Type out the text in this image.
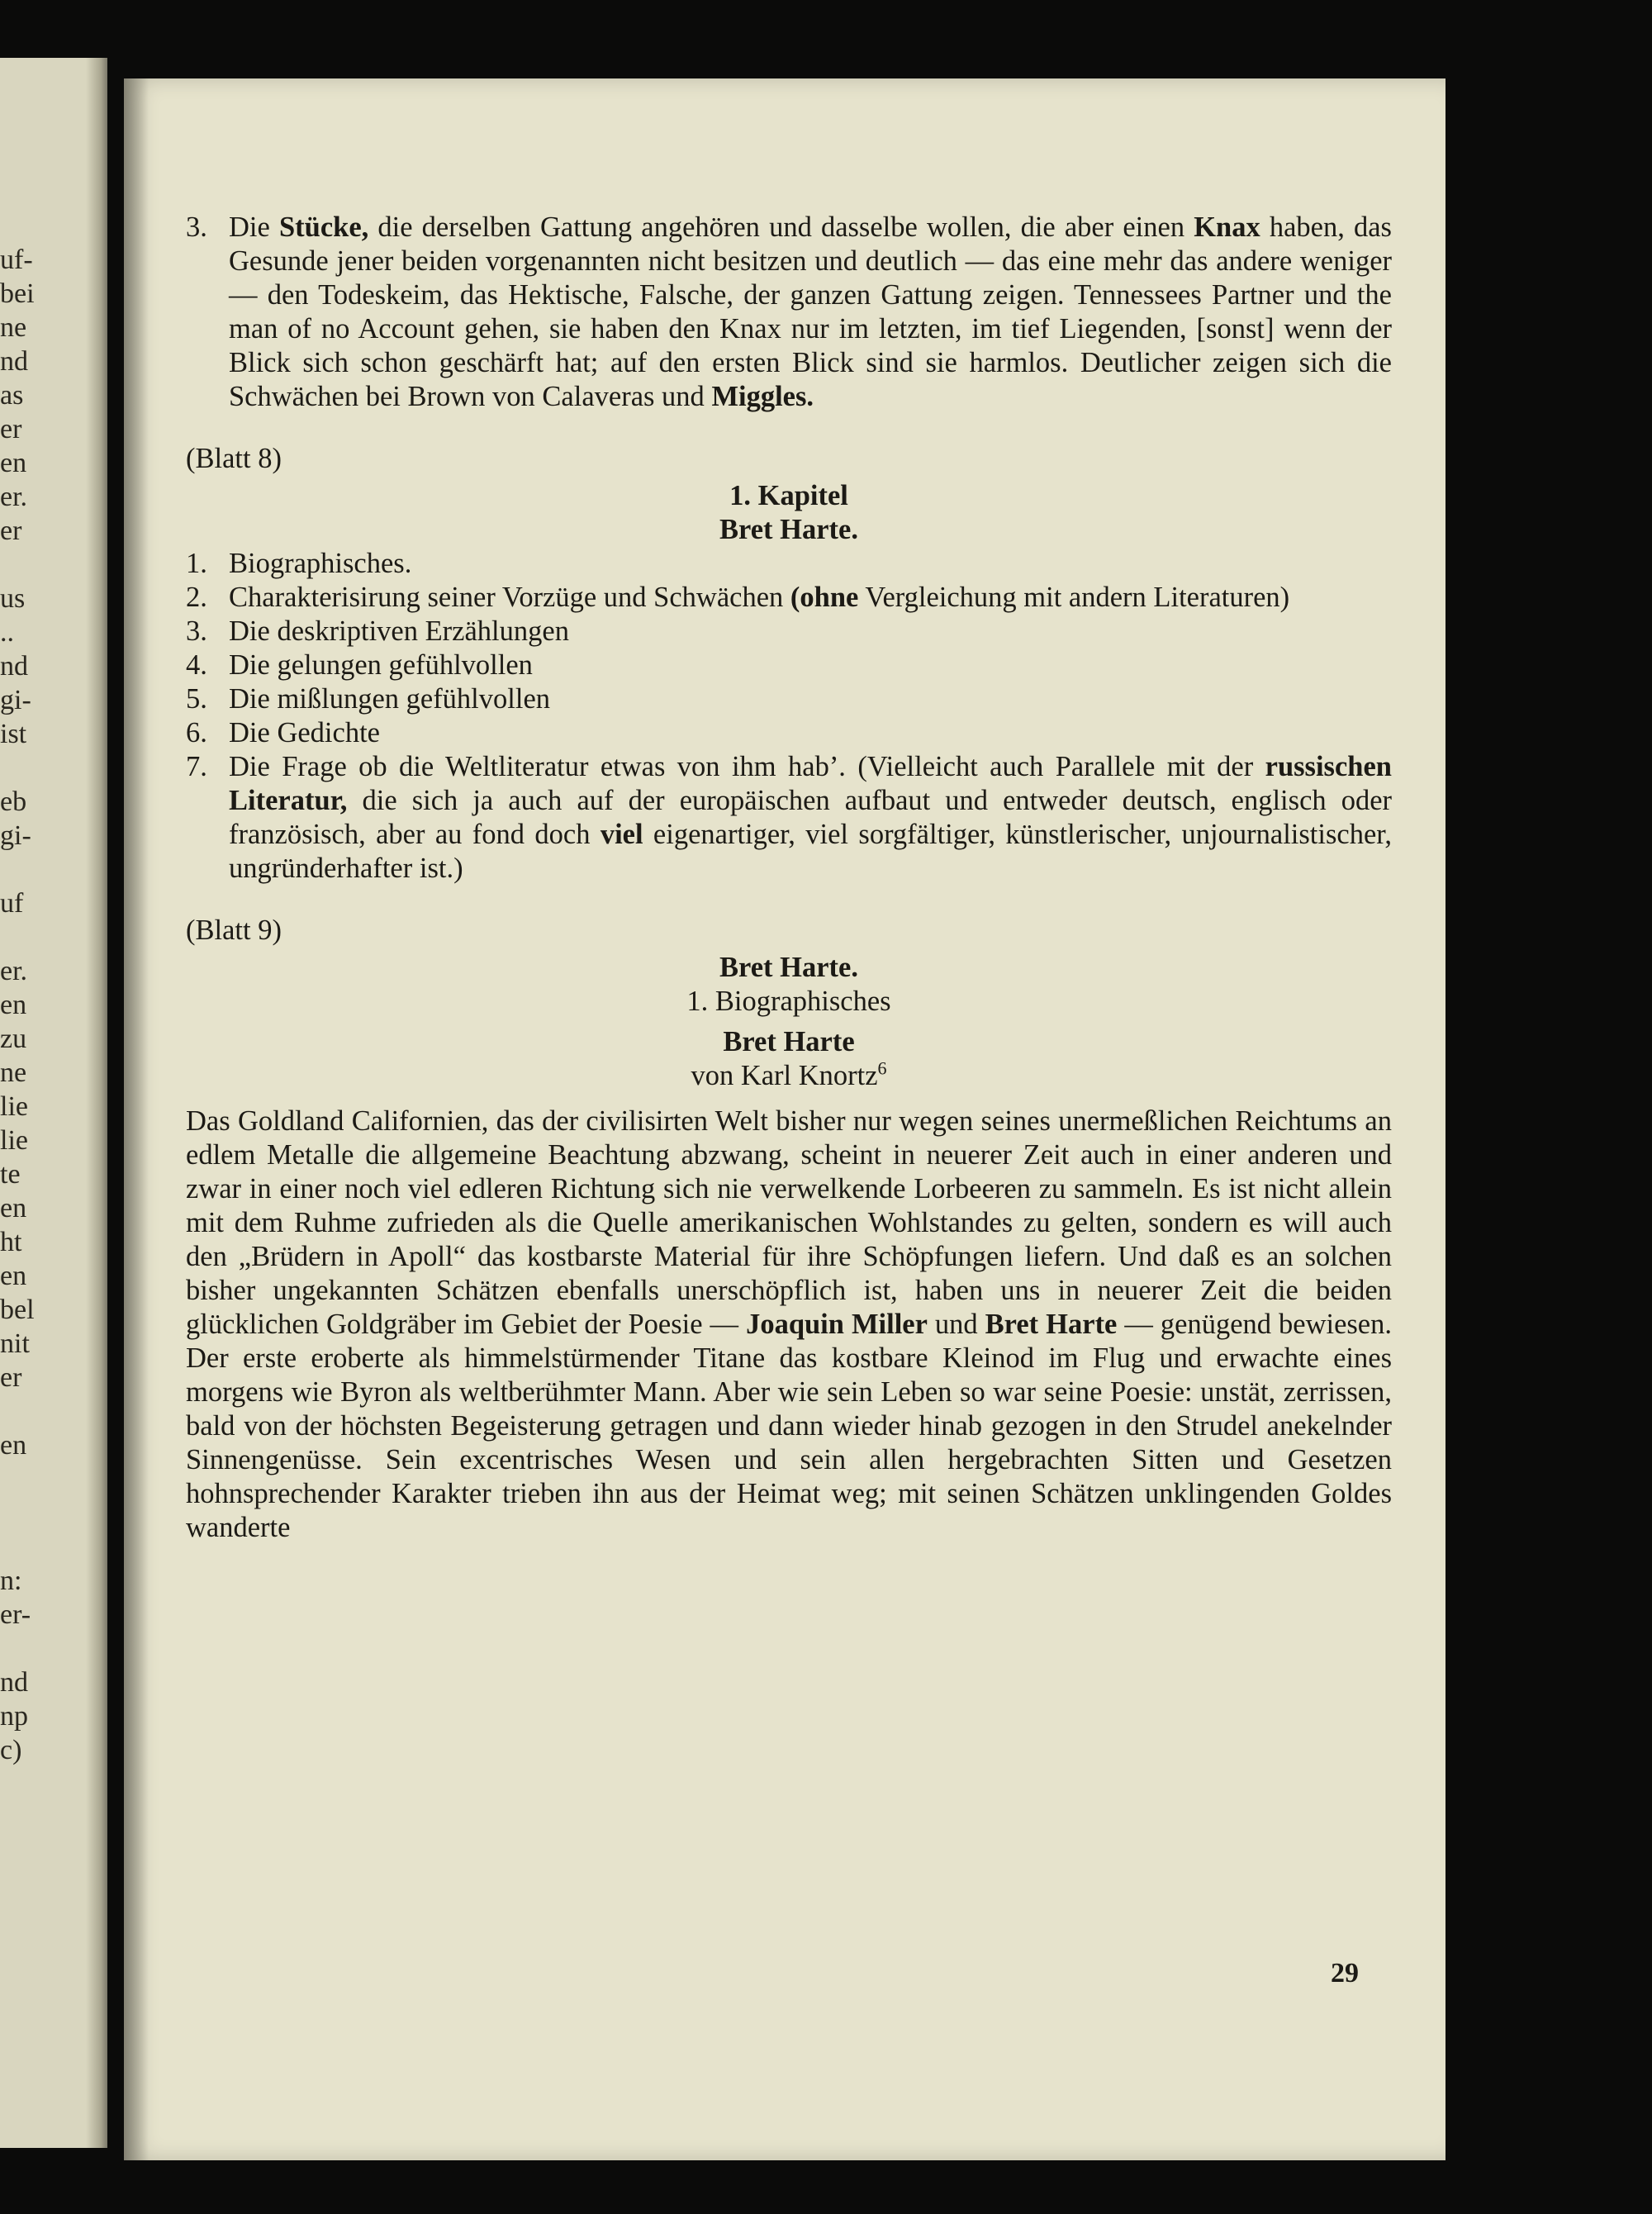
uf-
bei
ne
nd
as
er
en
er.
er
us
..
nd
gi-
ist
eb
gi-
uf
er.
en
zu
ne
lie
lie
te
en
ht
en
bel
nit
er
en
n:
er-
nd
np
c)
3. Die Stücke, die derselben Gattung angehören und dasselbe wollen, die aber einen Knax haben, das Gesunde jener beiden vorgenannten nicht besitzen und deutlich — das eine mehr das andere weniger — den Todeskeim, das Hektische, Falsche, der ganzen Gattung zeigen. Tennessees Partner und the man of no Account gehen, sie haben den Knax nur im letzten, im tief Liegenden, [sonst] wenn der Blick sich schon geschärft hat; auf den ersten Blick sind sie harmlos. Deutlicher zeigen sich die Schwächen bei Brown von Calaveras und Miggles.
(Blatt 8)
1. Kapitel
Bret Harte.
1. Biographisches.
2. Charakterisirung seiner Vorzüge und Schwächen (ohne Vergleichung mit andern Literaturen)
3. Die deskriptiven Erzählungen
4. Die gelungen gefühlvollen
5. Die mißlungen gefühlvollen
6. Die Gedichte
7. Die Frage ob die Weltliteratur etwas von ihm hab’. (Vielleicht auch Parallele mit der russischen Literatur, die sich ja auch auf der europäischen aufbaut und entweder deutsch, englisch oder französisch, aber au fond doch viel eigenartiger, viel sorgfältiger, künstlerischer, unjournalistischer, ungründerhafter ist.)
(Blatt 9)
Bret Harte.
1. Biographisches
Bret Harte
von Karl Knortz$^6$

Das Goldland Californien, das der civilisirten Welt bisher nur wegen seines unermeßlichen Reichtums an edlem Metalle die allgemeine Beachtung abzwang, scheint in neuerer Zeit auch in einer anderen und zwar in einer noch viel edleren Richtung sich nie verwelkende Lorbeeren zu sammeln. Es ist nicht allein mit dem Ruhme zufrieden als die Quelle amerikanischen Wohlstandes zu gelten, sondern es will auch den „Brüdern in Apoll“ das kostbarste Material für ihre Schöpfungen liefern. Und daß es an solchen bisher ungekannten Schätzen ebenfalls unerschöpflich ist, haben uns in neuerer Zeit die beiden glücklichen Goldgräber im Gebiet der Poesie — Joaquin Miller und Bret Harte — genügend bewiesen. Der erste eroberte als himmelstürmender Titane das kostbare Kleinod im Flug und erwachte eines morgens wie Byron als weltberühmter Mann. Aber wie sein Leben so war seine Poesie: unstät, zerrissen, bald von der höchsten Begeisterung getragen und dann wieder hinab gezogen in den Strudel anekelnder Sinnengenüsse. Sein excentrisches Wesen und sein allen hergebrachten Sitten und Gesetzen hohnsprechender Karakter trieben ihn aus der Heimat weg; mit seinen Schätzen unklingenden Goldes wanderte

29
